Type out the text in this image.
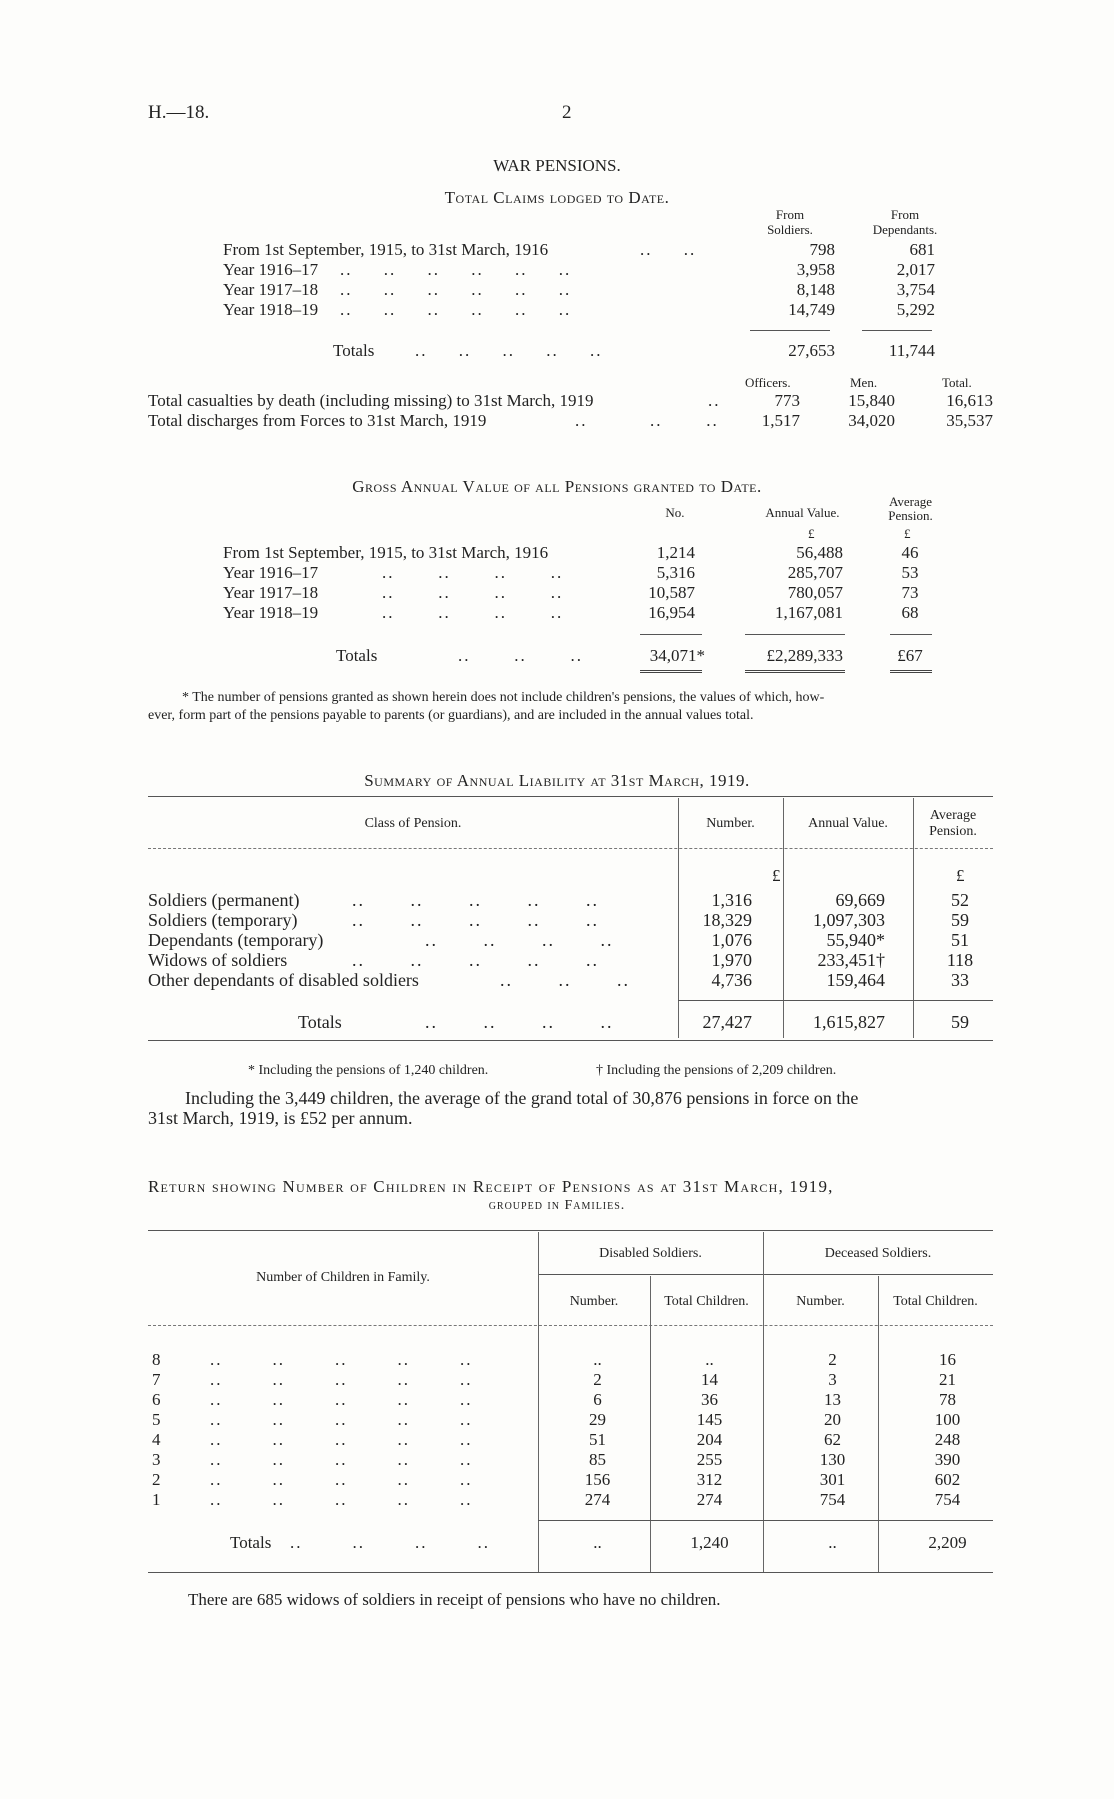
H.—18.	2
WAR PENSIONS.
Total Claims lodged to Date.
From
Soldiers.
From
Dependants.
From 1st September, 1915, to 31st March, 1916	..     ..	798	681
Year 1916–17 ..     ..     ..     ..     ..     ..	3,958	2,017
Year 1917–18 ..     ..     ..     ..     ..     ..	8,148	3,754
Year 1918–19 ..     ..     ..     ..     ..     ..	14,749	5,292
Totals ..     ..     ..     ..     ..	27,653	11,744
Officers.	Men.	Total.
Total casualties by death (including missing) to 31st March, 1919	..	773	15,840	16,613
Total discharges from Forces to 31st March, 1919	..          ..       ..	1,517	34,020	35,537
Gross Annual Value of all Pensions granted to Date.
No.	Annual Value.
Average
Pension.
£	£
From 1st September, 1915, to 31st March, 1916	1,214	56,488	46
Year 1916–17	..       ..       ..       ..	5,316	285,707	53
Year 1917–18	..       ..       ..       ..	10,587	780,057	73
Year 1918–19	..       ..       ..       ..	16,954	1,167,081	68
Totals	..       ..       ..	34,071*	£2,289,333	£67
* The number of pensions granted as shown herein does not include children's pensions, the values of which, how-
ever, form part of the pensions payable to parents (or guardians), and are included in the annual values total.
Summary of Annual Liability at 31st March, 1919.
Class of Pension.	Number.	Annual Value.
Average
Pension.
£	£
Soldiers (permanent)	..       ..       ..       ..       ..	1,316	69,669	52
Soldiers (temporary)	..       ..       ..       ..       ..	18,329	1,097,303	59
Dependants (temporary)	..       ..       ..       ..	1,076	55,940*	51
Widows of soldiers	..       ..       ..       ..       ..	1,970	233,451†	118
Other dependants of disabled soldiers	..       ..       ..	4,736	159,464	33
Totals	..       ..       ..       ..	27,427	1,615,827	59
* Including the pensions of 1,240 children.	† Including the pensions of 2,209 children.
Including the 3,449 children, the average of the grand total of 30,876 pensions in force on the
31st March, 1919, is £52 per annum.
Return showing Number of Children in Receipt of Pensions as at 31st March, 1919,
grouped in Families.
Number of Children in Family.
Disabled Soldiers.	Deceased Soldiers.
Number.	Total Children.	Number.	Total Children.
8	..        ..        ..        ..        ..	..	..	2	16
7	..        ..        ..        ..        ..	2	14	3	21
6	..        ..        ..        ..        ..	6	36	13	78
5	..        ..        ..        ..        ..	29	145	20	100
4	..        ..        ..        ..        ..	51	204	62	248
3	..        ..        ..        ..        ..	85	255	130	390
2	..        ..        ..        ..        ..	156	312	301	602
1	..        ..        ..        ..        ..	274	274	754	754
Totals ..        ..        ..        ..	..	1,240	..	2,209
There are 685 widows of soldiers in receipt of pensions who have no children.
